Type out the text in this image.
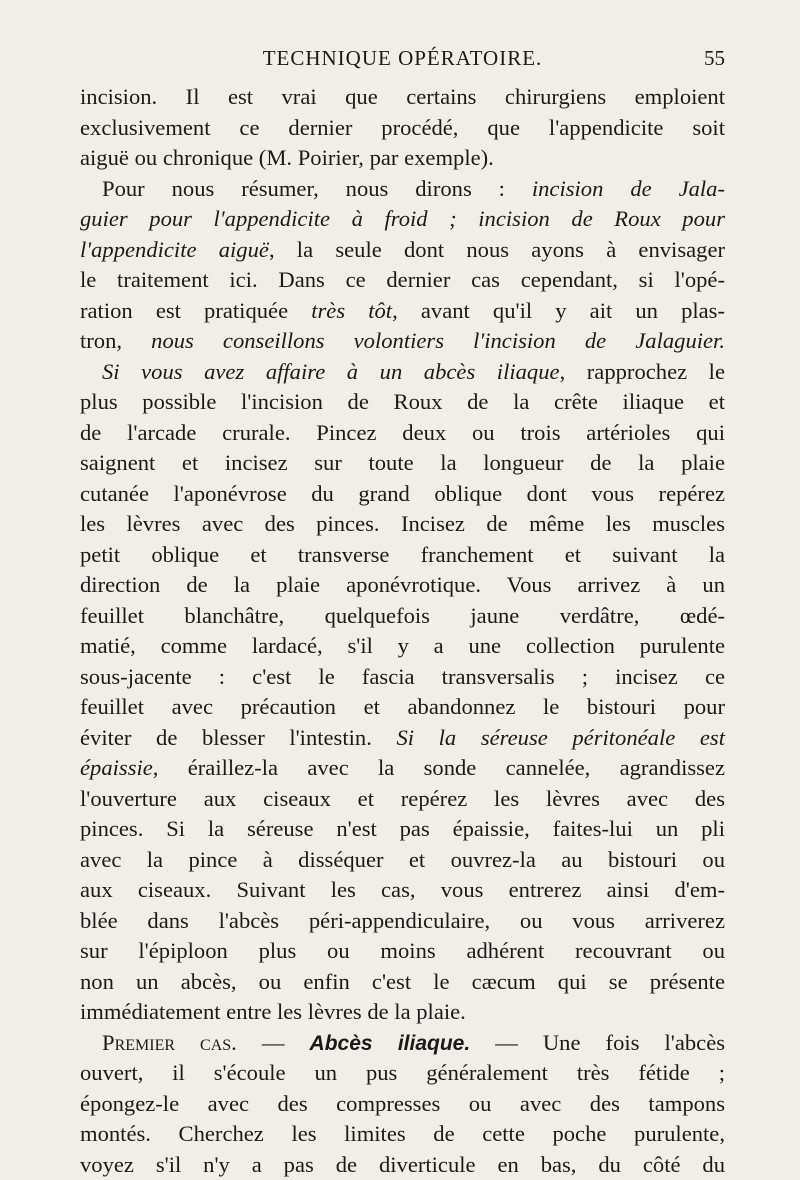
TECHNIQUE OPÉRATOIRE.	55
incision. Il est vrai que certains chirurgiens emploient
exclusivement ce dernier procédé, que l'appendicite soit
aiguë ou chronique (M. Poirier, par exemple).
Pour nous résumer, nous dirons : incision de Jala-
guier pour l'appendicite à froid ; incision de Roux pour
l'appendicite aiguë, la seule dont nous ayons à envisager
le traitement ici. Dans ce dernier cas cependant, si l'opé-
ration est pratiquée très tôt, avant qu'il y ait un plas-
tron, nous conseillons volontiers l'incision de Jalaguier.
Si vous avez affaire à un abcès iliaque, rapprochez le
plus possible l'incision de Roux de la crête iliaque et
de l'arcade crurale. Pincez deux ou trois artérioles qui
saignent et incisez sur toute la longueur de la plaie
cutanée l'aponévrose du grand oblique dont vous repérez
les lèvres avec des pinces. Incisez de même les muscles
petit oblique et transverse franchement et suivant la
direction de la plaie aponévrotique. Vous arrivez à un
feuillet blanchâtre, quelquefois jaune verdâtre, œdé-
matié, comme lardacé, s'il y a une collection purulente
sous-jacente : c'est le fascia transversalis ; incisez ce
feuillet avec précaution et abandonnez le bistouri pour
éviter de blesser l'intestin. Si la séreuse péritonéale est
épaissie, éraillez-la avec la sonde cannelée, agrandissez
l'ouverture aux ciseaux et repérez les lèvres avec des
pinces. Si la séreuse n'est pas épaissie, faites-lui un pli
avec la pince à disséquer et ouvrez-la au bistouri ou
aux ciseaux. Suivant les cas, vous entrerez ainsi d'em-
blée dans l'abcès péri-appendiculaire, ou vous arriverez
sur l'épiploon plus ou moins adhérent recouvrant ou
non un abcès, ou enfin c'est le cæcum qui se présente
immédiatement entre les lèvres de la plaie.
Premier cas. — Abcès iliaque. — Une fois l'abcès
ouvert, il s'écoule un pus généralement très fétide ;
épongez-le avec des compresses ou avec des tampons
montés. Cherchez les limites de cette poche purulente,
voyez s'il n'y a pas de diverticule en bas, du côté du
